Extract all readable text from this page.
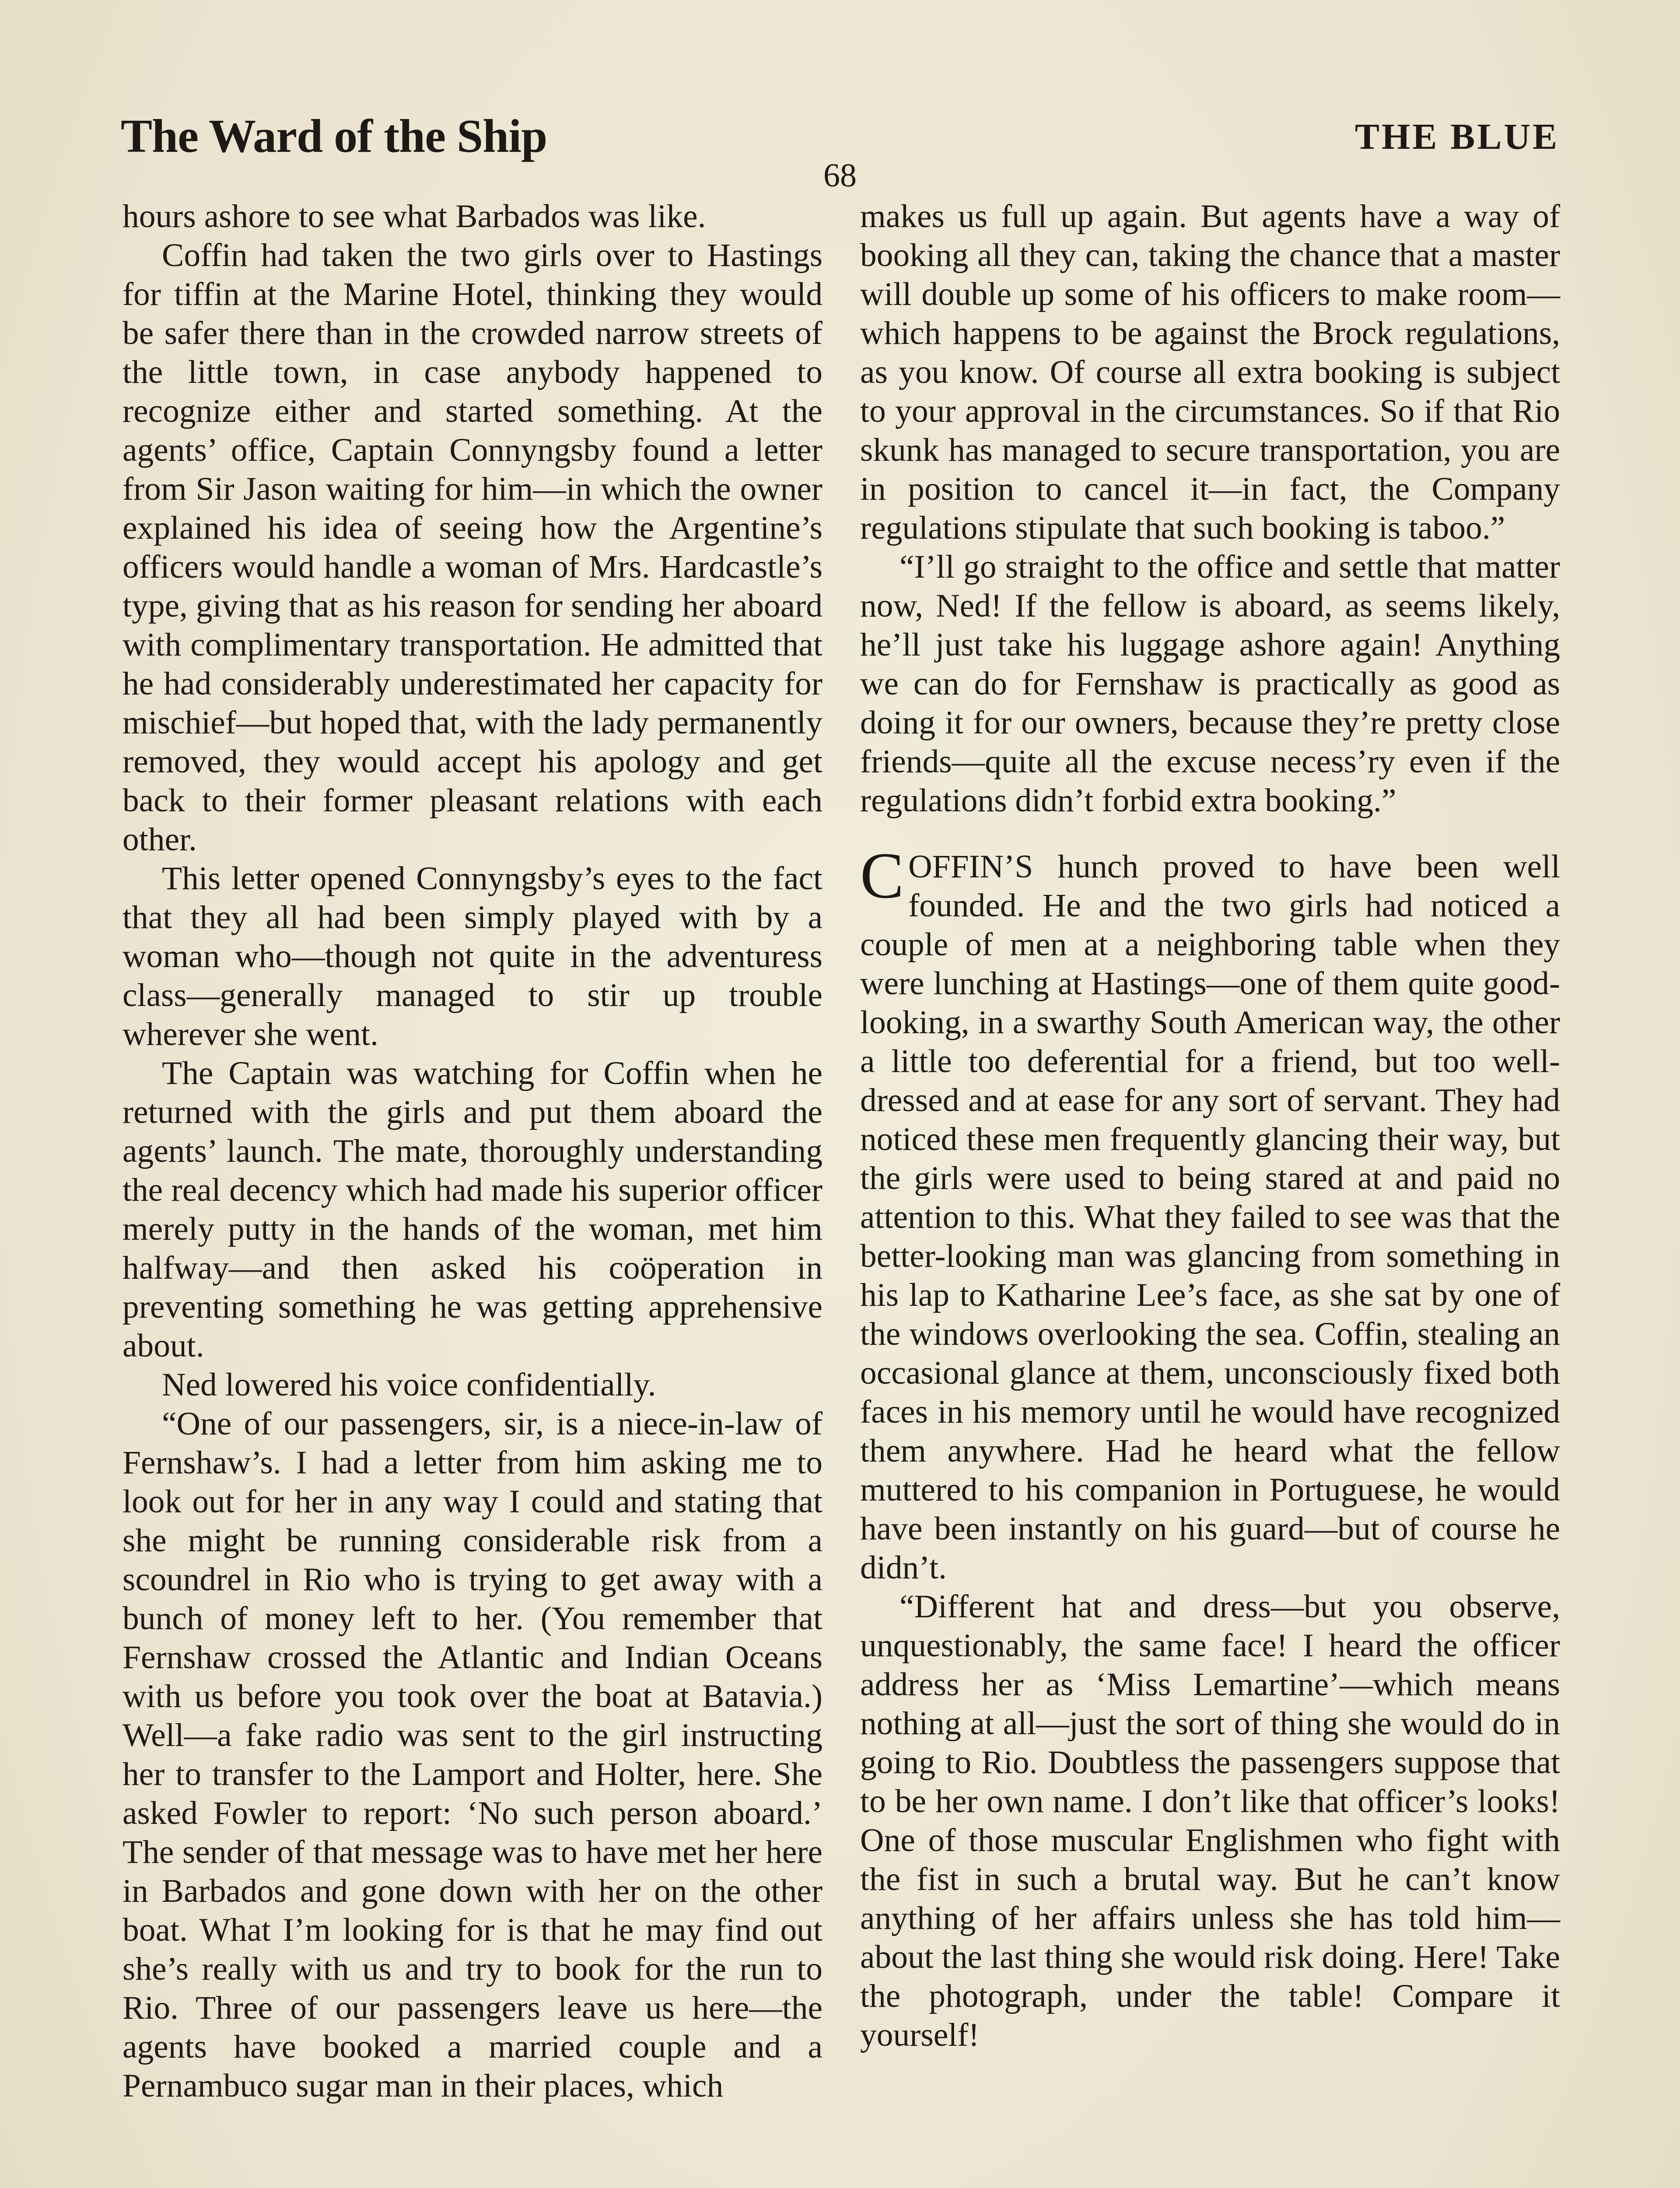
The Ward of the Ship	THE BLUE
68

hours ashore to see what Barbados was like.

Coffin had taken the two girls over to Hastings for tiffin at the Marine Hotel, thinking they would be safer there than in the crowded narrow streets of the little town, in case anybody happened to recognize either and started something. At the agents’ office, Captain Connyngsby found a letter from Sir Jason waiting for him—in which the owner explained his idea of seeing how the Argentine’s officers would handle a woman of Mrs. Hardcastle’s type, giving that as his reason for sending her aboard with complimentary transportation. He admitted that he had considerably underestimated her capacity for mischief—but hoped that, with the lady permanently removed, they would accept his apology and get back to their former pleasant relations with each other.

This letter opened Connyngsby’s eyes to the fact that they all had been simply played with by a woman who—though not quite in the adventuress class—generally managed to stir up trouble wherever she went.

The Captain was watching for Coffin when he returned with the girls and put them aboard the agents’ launch. The mate, thoroughly understanding the real decency which had made his superior officer merely putty in the hands of the woman, met him halfway—and then asked his coöperation in preventing something he was getting apprehensive about.

Ned lowered his voice confidentially.

“One of our passengers, sir, is a niece-in-law of Fernshaw’s. I had a letter from him asking me to look out for her in any way I could and stating that she might be running considerable risk from a scoundrel in Rio who is trying to get away with a bunch of money left to her. (You remember that Fernshaw crossed the Atlantic and Indian Oceans with us before you took over the boat at Batavia.) Well—a fake radio was sent to the girl instructing her to transfer to the Lamport and Holter, here. She asked Fowler to report: ‘No such person aboard.’ The sender of that message was to have met her here in Barbados and gone down with her on the other boat. What I’m looking for is that he may find out she’s really with us and try to book for the run to Rio. Three of our passengers leave us here—the agents have booked a married couple and a Pernambuco sugar man in their places, which

makes us full up again. But agents have a way of booking all they can, taking the chance that a master will double up some of his officers to make room—which happens to be against the Brock regulations, as you know. Of course all extra booking is subject to your approval in the circumstances. So if that Rio skunk has managed to secure transportation, you are in position to cancel it—in fact, the Company regulations stipulate that such booking is taboo.”

“I’ll go straight to the office and settle that matter now, Ned! If the fellow is aboard, as seems likely, he’ll just take his luggage ashore again! Anything we can do for Fernshaw is practically as good as doing it for our owners, because they’re pretty close friends—quite all the excuse necess’ry even if the regulations didn’t forbid extra booking.”

COFFIN’S hunch proved to have been well founded. He and the two girls had noticed a couple of men at a neighboring table when they were lunching at Hastings—one of them quite good-looking, in a swarthy South American way, the other a little too deferential for a friend, but too well-dressed and at ease for any sort of servant. They had noticed these men frequently glancing their way, but the girls were used to being stared at and paid no attention to this. What they failed to see was that the better-looking man was glancing from something in his lap to Katharine Lee’s face, as she sat by one of the windows overlooking the sea. Coffin, stealing an occasional glance at them, unconsciously fixed both faces in his memory until he would have recognized them anywhere. Had he heard what the fellow muttered to his companion in Portuguese, he would have been instantly on his guard—but of course he didn’t.

“Different hat and dress—but you observe, unquestionably, the same face! I heard the officer address her as ‘Miss Lemartine’—which means nothing at all—just the sort of thing she would do in going to Rio. Doubtless the passengers suppose that to be her own name. I don’t like that officer’s looks! One of those muscular Englishmen who fight with the fist in such a brutal way. But he can’t know anything of her affairs unless she has told him—about the last thing she would risk doing. Here! Take the photograph, under the table! Compare it yourself!
